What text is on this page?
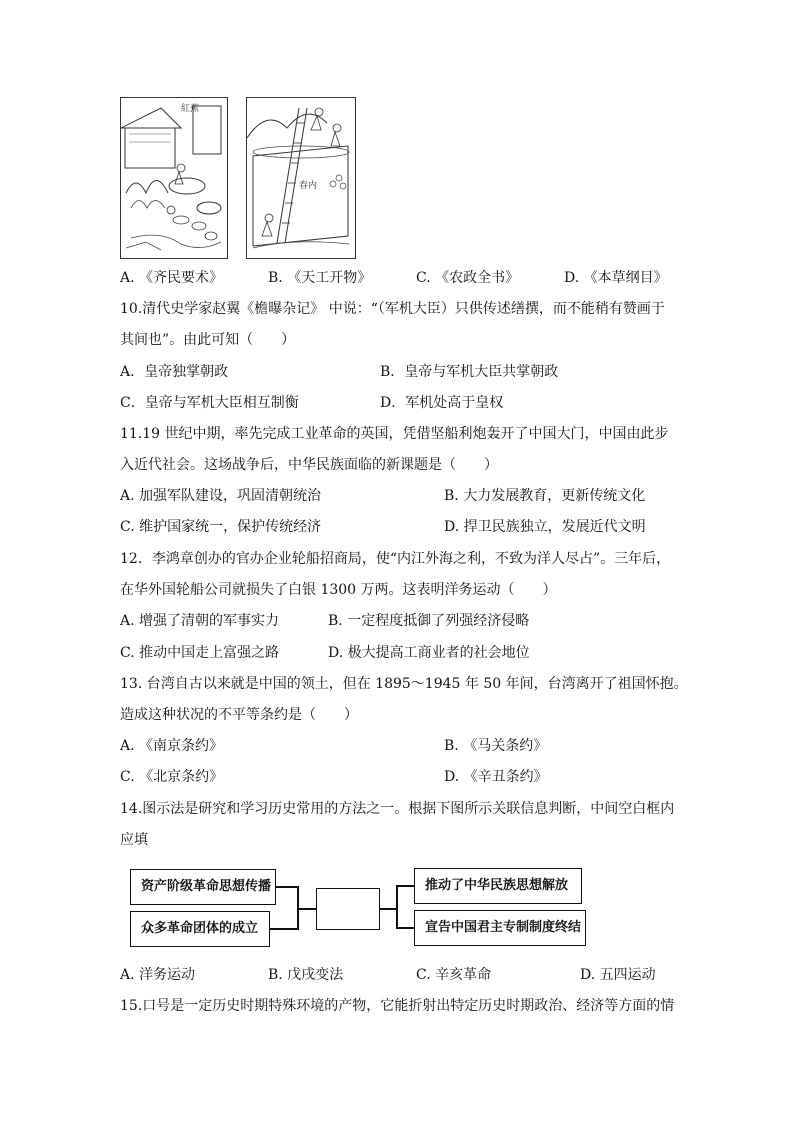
紅蕉
春内
A. 《齐民要术》	B. 《天工开物》	C. 《农政全书》	D. 《本草纲目》
10.清代史学家赵翼《檐曝杂记》 中说：“（军机大臣）只供传述缮撰，而不能稍有赞画于
其间也”。由此可知（　　）
A．皇帝独掌朝政	B．皇帝与军机大臣共掌朝政
C．皇帝与军机大臣相互制衡	D．军机处高于皇权
11.19 世纪中期，率先完成工业革命的英国，凭借坚船利炮轰开了中国大门，中国由此步
入近代社会。这场战争后，中华民族面临的新课题是（　　）
A. 加强军队建设，巩固清朝统治	B. 大力发展教育，更新传统文化
C. 维护国家统一，保护传统经济	D. 捍卫民族独立，发展近代文明
12．李鸿章创办的官办企业轮船招商局，使“内江外海之利，不致为洋人尽占”。三年后，
在华外国轮船公司就损失了白银 1300 万两。这表明洋务运动（　　）
A. 增强了清朝的军事实力	B. 一定程度抵御了列强经济侵略
C. 推动中国走上富强之路	D. 极大提高工商业者的社会地位
13. 台湾自古以来就是中国的领土，但在 1895～1945 年 50 年间，台湾离开了祖国怀抱。
造成这种状况的不平等条约是（　　）
A. 《南京条约》	B. 《马关条约》
C. 《北京条约》	D. 《辛丑条约》
14.图示法是研究和学习历史常用的方法之一。根据下图所示关联信息判断，中间空白框内
应填
资产阶级革命思想传播
众多革命团体的成立
推动了中华民族思想解放
宣告中国君主专制制度终结
A. 洋务运动	B. 戊戌变法	C. 辛亥革命	D. 五四运动
15.口号是一定历史时期特殊环境的产物，它能折射出特定历史时期政治、经济等方面的情
